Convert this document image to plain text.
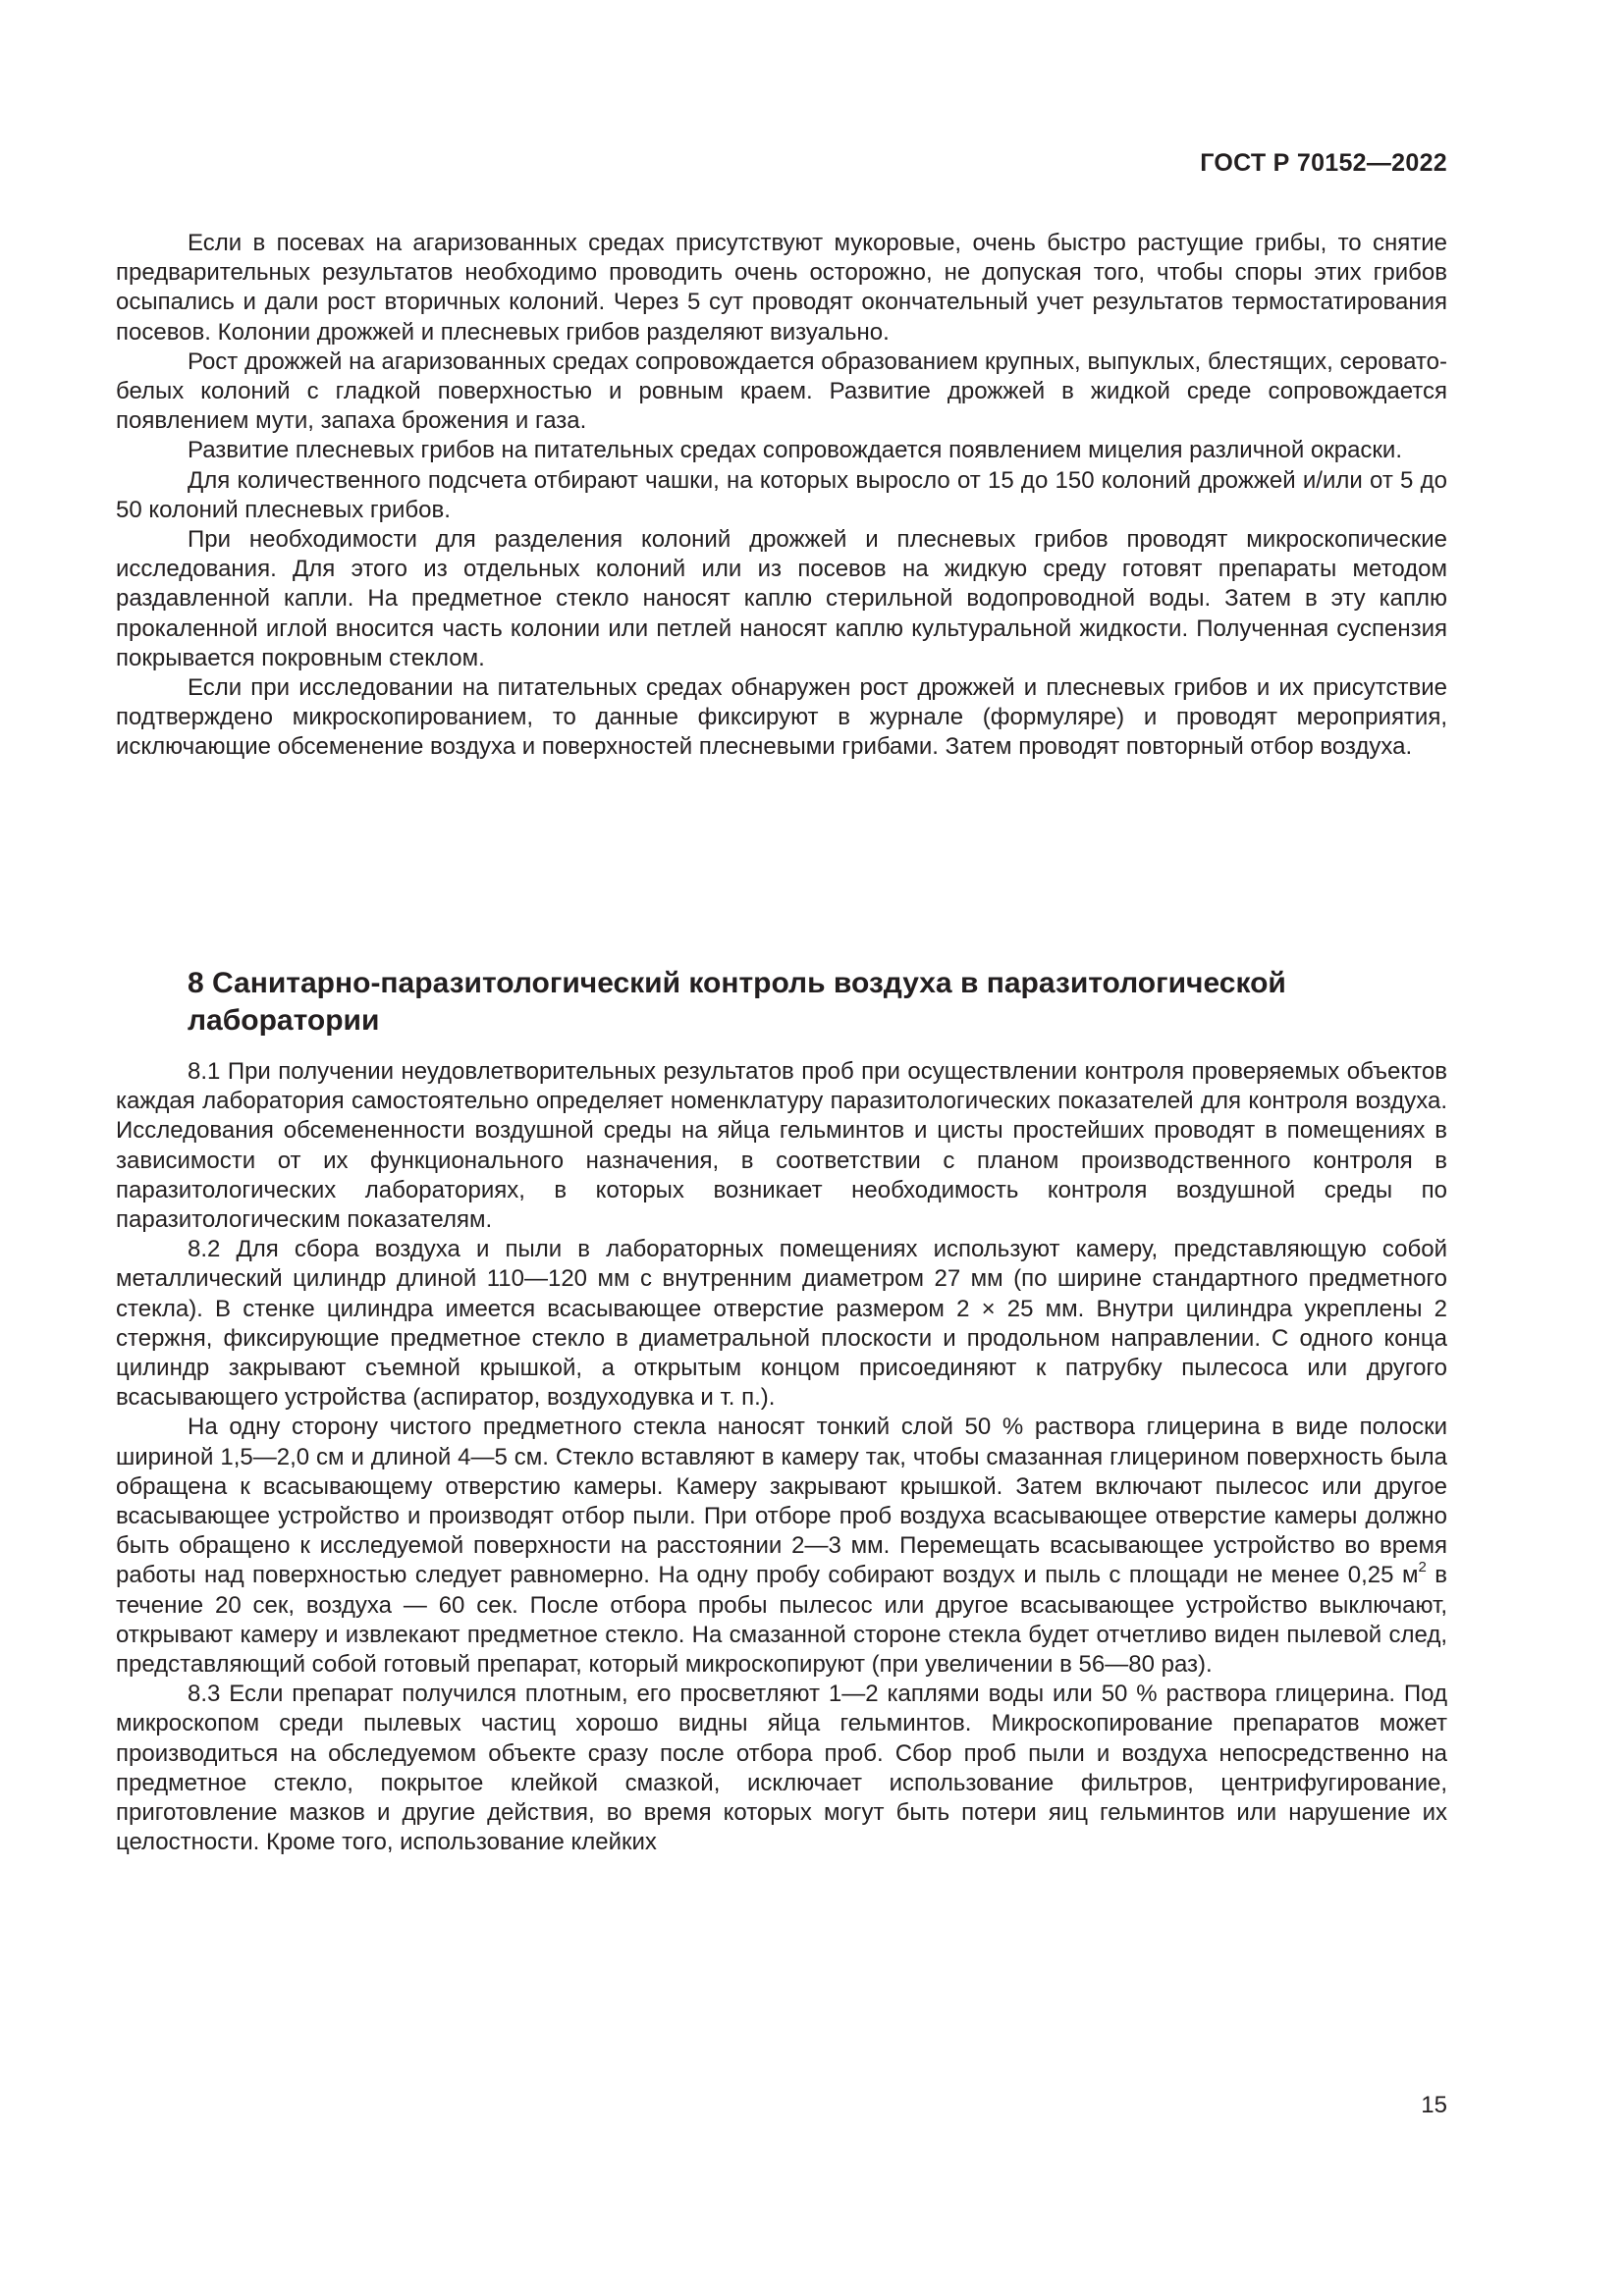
ГОСТ Р 70152—2022

Если в посевах на агаризованных средах присутствуют мукоровые, очень быстро растущие грибы, то снятие предварительных результатов необходимо проводить очень осторожно, не допуская того, чтобы споры этих грибов осыпались и дали рост вторичных колоний. Через 5 сут проводят окончательный учет результатов термостатирования посевов. Колонии дрожжей и плесневых грибов разделяют визуально.

Рост дрожжей на агаризованных средах сопровождается образованием крупных, выпуклых, блестящих, серовато-белых колоний с гладкой поверхностью и ровным краем. Развитие дрожжей в жидкой среде сопровождается появлением мути, запаха брожения и газа.

Развитие плесневых грибов на питательных средах сопровождается появлением мицелия различной окраски.

Для количественного подсчета отбирают чашки, на которых выросло от 15 до 150 колоний дрожжей и/или от 5 до 50 колоний плесневых грибов.

При необходимости для разделения колоний дрожжей и плесневых грибов проводят микроскопические исследования. Для этого из отдельных колоний или из посевов на жидкую среду готовят препараты методом раздавленной капли. На предметное стекло наносят каплю стерильной водопроводной воды. Затем в эту каплю прокаленной иглой вносится часть колонии или петлей наносят каплю культуральной жидкости. Полученная суспензия покрывается покровным стеклом.

Если при исследовании на питательных средах обнаружен рост дрожжей и плесневых грибов и их присутствие подтверждено микроскопированием, то данные фиксируют в журнале (формуляре) и проводят мероприятия, исключающие обсеменение воздуха и поверхностей плесневыми грибами. Затем проводят повторный отбор воздуха.

8 Санитарно-паразитологический контроль воздуха в паразитологической
лаборатории

8.1 При получении неудовлетворительных результатов проб при осуществлении контроля проверяемых объектов каждая лаборатория самостоятельно определяет номенклатуру паразитологических показателей для контроля воздуха. Исследования обсемененности воздушной среды на яйца гельминтов и цисты простейших проводят в помещениях в зависимости от их функционального назначения, в соответствии с планом производственного контроля в паразитологических лабораториях, в которых возникает необходимость контроля воздушной среды по паразитологическим показателям.

8.2 Для сбора воздуха и пыли в лабораторных помещениях используют камеру, представляющую собой металлический цилиндр длиной 110—120 мм с внутренним диаметром 27 мм (по ширине стандартного предметного стекла). В стенке цилиндра имеется всасывающее отверстие размером 2 × 25 мм. Внутри цилиндра укреплены 2 стержня, фиксирующие предметное стекло в диаметральной плоскости и продольном направлении. С одного конца цилиндр закрывают съемной крышкой, а открытым концом присоединяют к патрубку пылесоса или другого всасывающего устройства (аспиратор, воздуходувка и т. п.).

На одну сторону чистого предметного стекла наносят тонкий слой 50 % раствора глицерина в виде полоски шириной 1,5—2,0 см и длиной 4—5 см. Стекло вставляют в камеру так, чтобы смазанная глицерином поверхность была обращена к всасывающему отверстию камеры. Камеру закрывают крышкой. Затем включают пылесос или другое всасывающее устройство и производят отбор пыли. При отборе проб воздуха всасывающее отверстие камеры должно быть обращено к исследуемой поверхности на расстоянии 2—3 мм. Перемещать всасывающее устройство во время работы над поверхностью следует равномерно. На одну пробу собирают воздух и пыль с площади не менее 0,25 $м^2$ в течение 20 сек, воздуха — 60 сек. После отбора пробы пылесос или другое всасывающее устройство выключают, открывают камеру и извлекают предметное стекло. На смазанной стороне стекла будет отчетливо виден пылевой след, представляющий собой готовый препарат, который микроскопируют (при увеличении в 56—80 раз).

8.3 Если препарат получился плотным, его просветляют 1—2 каплями воды или 50 % раствора глицерина. Под микроскопом среди пылевых частиц хорошо видны яйца гельминтов. Микроскопирование препаратов может производиться на обследуемом объекте сразу после отбора проб. Сбор проб пыли и воздуха непосредственно на предметное стекло, покрытое клейкой смазкой, исключает использование фильтров, центрифугирование, приготовление мазков и другие действия, во время которых могут быть потери яиц гельминтов или нарушение их целостности. Кроме того, использование клейких

15
